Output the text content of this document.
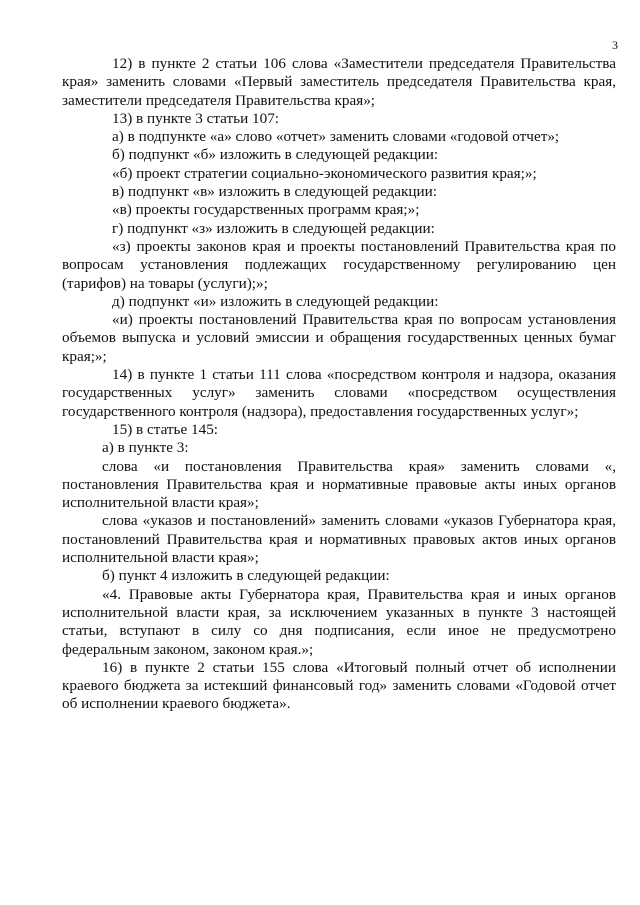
3

12) в пункте 2 статьи 106 слова «Заместители председателя Правительства края» заменить словами «Первый заместитель председателя Правительства края, заместители председателя Правительства края»;

13) в пункте 3 статьи 107:

а) в подпункте «а» слово «отчет» заменить словами «годовой отчет»;

б) подпункт «б» изложить в следующей редакции:

«б) проект стратегии социально-экономического развития края;»;

в) подпункт «в» изложить в следующей редакции:

«в) проекты государственных программ края;»;

г) подпункт «з» изложить в следующей редакции:

«з) проекты законов края и проекты постановлений Правительства края по вопросам установления подлежащих государственному регулированию цен (тарифов) на товары (услуги);»;

д) подпункт «и» изложить в следующей редакции:

«и) проекты постановлений Правительства края по вопросам установления объемов выпуска и условий эмиссии и обращения государственных ценных бумаг края;»;

14) в пункте 1 статьи 111 слова «посредством контроля и надзора, оказания государственных услуг» заменить словами «посредством осуществления государственного контроля (надзора), предоставления государственных услуг»;

15) в статье 145:

а) в пункте 3:

слова «и постановления Правительства края» заменить словами «, постановления Правительства края и нормативные правовые акты иных органов исполнительной власти края»;

слова «указов и постановлений» заменить словами «указов Губернатора края, постановлений Правительства края и нормативных правовых актов иных органов исполнительной власти края»;

б) пункт 4 изложить в следующей редакции:

«4. Правовые акты Губернатора края, Правительства края и иных органов исполнительной власти края, за исключением указанных в пункте 3 настоящей статьи, вступают в силу со дня подписания, если иное не предусмотрено федеральным законом, законом края.»;

16) в пункте 2 статьи 155 слова «Итоговый полный отчет об исполнении краевого бюджета за истекший финансовый год» заменить словами «Годовой отчет об исполнении краевого бюджета».
